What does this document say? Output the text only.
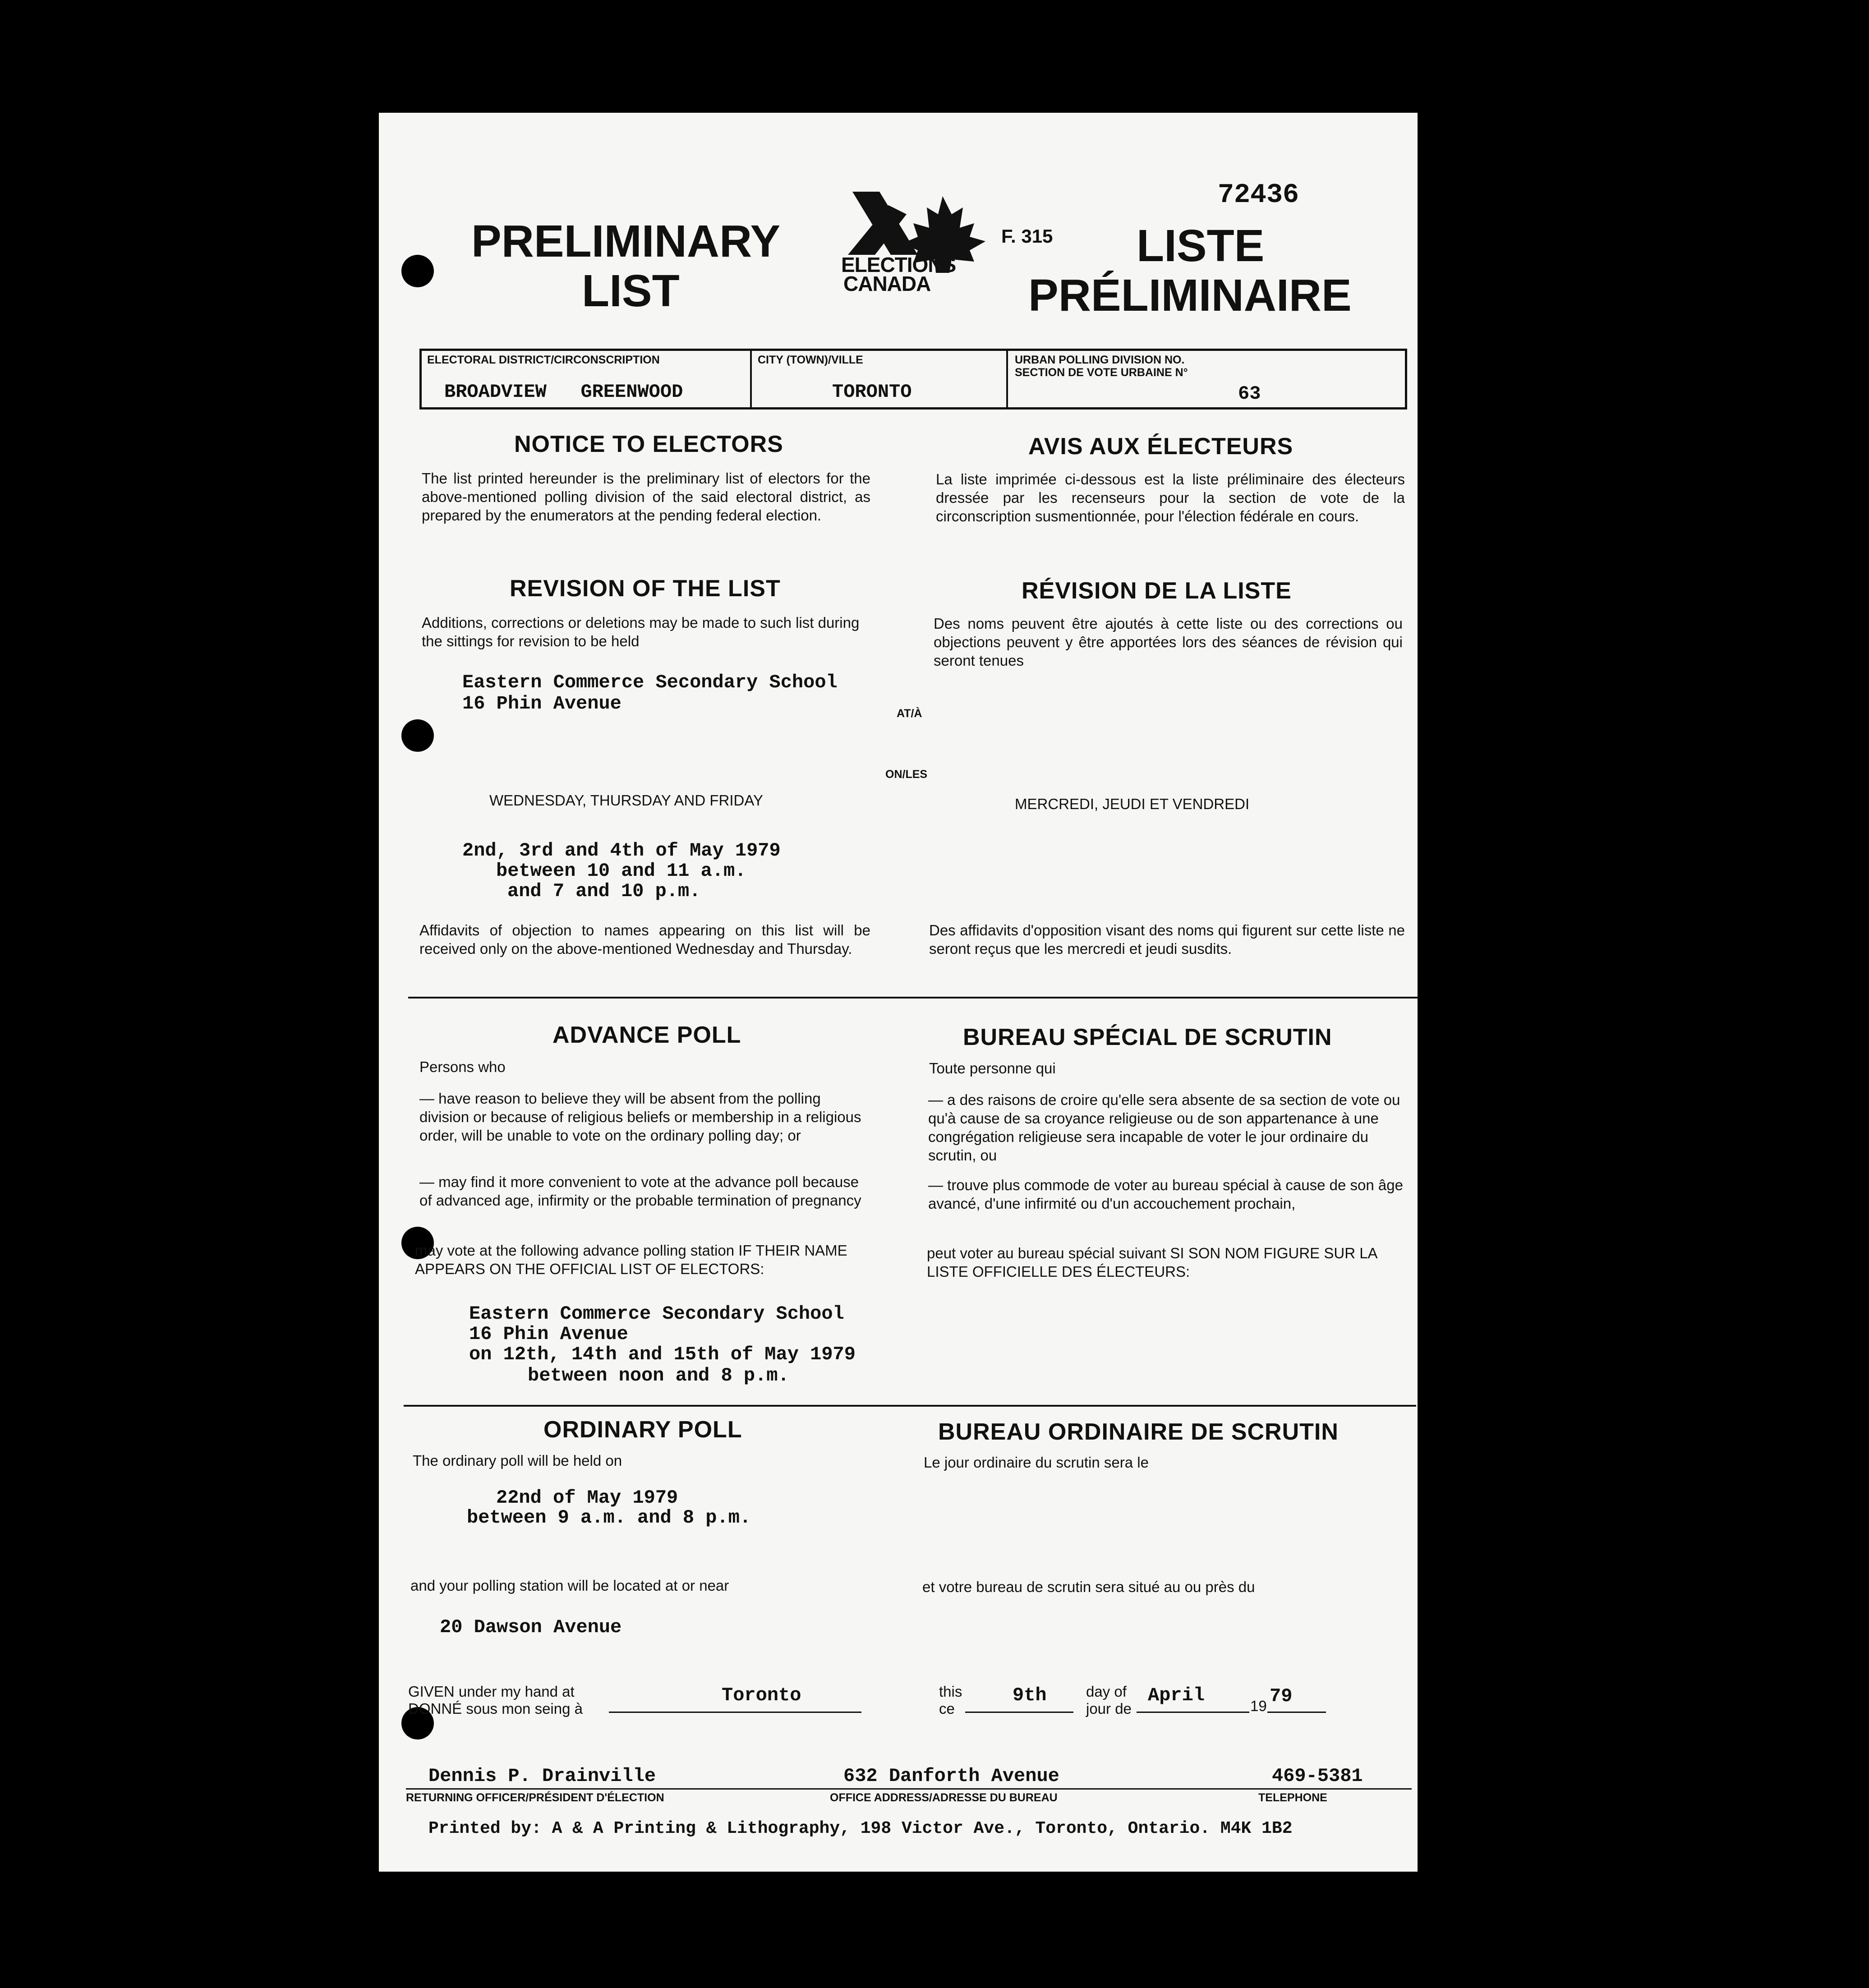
72436
PRELIMINARY
LIST
ELECTIONS
CANADA
F. 315 LISTE
PRÉLIMINAIRE
ELECTORAL DISTRICT/CIRCONSCRIPTION
BROADVIEW   GREENWOOD
CITY (TOWN)/VILLE
TORONTO
URBAN POLLING DIVISION NO.
SECTION DE VOTE URBAINE N°
63
NOTICE TO ELECTORS
The list printed hereunder is the preliminary list of electors for the above-mentioned polling division of the said electoral district, as prepared by the enumerators at the pending federal election.
AVIS AUX ÉLECTEURS
La liste imprimée ci-dessous est la liste préliminaire des électeurs dressée par les recenseurs pour la section de vote de la circonscription susmentionnée, pour l'élection fédérale en cours.
REVISION OF THE LIST
Additions, corrections or deletions may be made to such list during the sittings for revision to be held
RÉVISION DE LA LISTE
Des noms peuvent être ajoutés à cette liste ou des corrections ou objections peuvent y être apportées lors des séances de révision qui seront tenues
Eastern Commerce Secondary School
16 Phin Avenue	AT/À
ON/LES
WEDNESDAY, THURSDAY AND FRIDAY	MERCREDI, JEUDI ET VENDREDI
2nd, 3rd and 4th of May 1979
between 10 and 11 a.m.
and 7 and 10 p.m.
Affidavits of objection to names appearing on this list will be received only on the above-mentioned Wednesday and Thursday.
Des affidavits d'opposition visant des noms qui figurent sur cette liste ne seront reçus que les mercredi et jeudi susdits.
ADVANCE POLL	BUREAU SPÉCIAL DE SCRUTIN
Persons who	Toute personne qui
— have reason to believe they will be absent from the polling division or because of religious beliefs or membership in a religious order, will be unable to vote on the ordinary polling day; or
— may find it more convenient to vote at the advance poll because of advanced age, infirmity or the probable termination of pregnancy
— a des raisons de croire qu'elle sera absente de sa section de vote ou qu'à cause de sa croyance religieuse ou de son appartenance à une congrégation religieuse sera incapable de voter le jour ordinaire du scrutin, ou
— trouve plus commode de voter au bureau spécial à cause de son âge avancé, d'une infirmité ou d'un accouchement prochain,
may vote at the following advance polling station IF THEIR NAME APPEARS ON THE OFFICIAL LIST OF ELECTORS:
peut voter au bureau spécial suivant SI SON NOM FIGURE SUR LA LISTE OFFICIELLE DES ÉLECTEURS:
Eastern Commerce Secondary School
16 Phin Avenue
on 12th, 14th and 15th of May 1979
between noon and 8 p.m.
ORDINARY POLL	BUREAU ORDINAIRE DE SCRUTIN
The ordinary poll will be held on	Le jour ordinaire du scrutin sera le
22nd of May 1979
between 9 a.m. and 8 p.m.
and your polling station will be located at or near	et votre bureau de scrutin sera situé au ou près du
20 Dawson Avenue
GIVEN under my hand at
DONNÉ sous mon seing à
Toronto	this
ce
9th	day of
jour de
April	19 79
Dennis P. Drainville	632 Danforth Avenue	469-5381
RETURNING OFFICER/PRÉSIDENT D'ÉLECTION	OFFICE ADDRESS/ADRESSE DU BUREAU	TELEPHONE
Printed by: A & A Printing & Lithography, 198 Victor Ave., Toronto, Ontario. M4K 1B2
